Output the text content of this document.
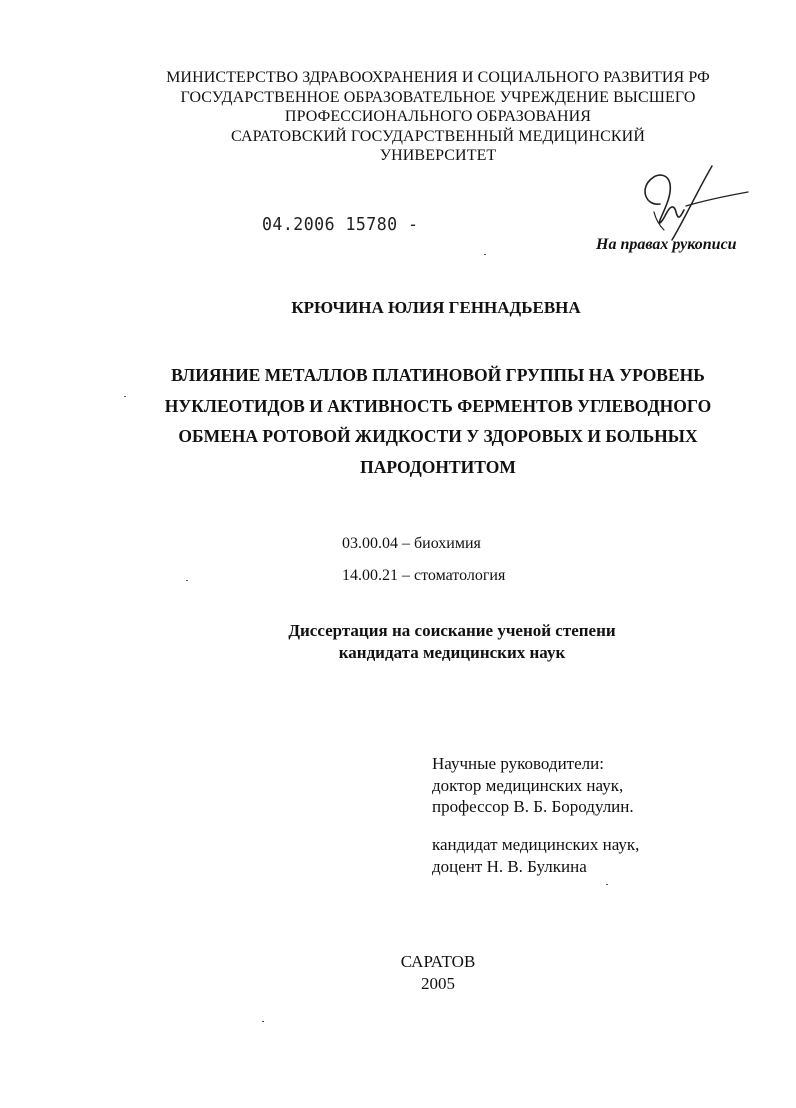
МИНИСТЕРСТВО ЗДРАВООХРАНЕНИЯ И СОЦИАЛЬНОГО РАЗВИТИЯ РФ
ГОСУДАРСТВЕННОЕ ОБРАЗОВАТЕЛЬНОЕ УЧРЕЖДЕНИЕ ВЫСШЕГО
ПРОФЕССИОНАЛЬНОГО ОБРАЗОВАНИЯ
САРАТОВСКИЙ ГОСУДАРСТВЕННЫЙ МЕДИЦИНСКИЙ
УНИВЕРСИТЕТ
04.2006 15780 -
На правах рукописи
КРЮЧИНА ЮЛИЯ ГЕННАДЬЕВНА
ВЛИЯНИЕ МЕТАЛЛОВ ПЛАТИНОВОЙ ГРУППЫ НА УРОВЕНЬ
НУКЛЕОТИДОВ И АКТИВНОСТЬ ФЕРМЕНТОВ УГЛЕВОДНОГО
ОБМЕНА РОТОВОЙ ЖИДКОСТИ У ЗДОРОВЫХ И БОЛЬНЫХ
ПАРОДОНТИТОМ
03.00.04 – биохимия
14.00.21 – стоматология
Диссертация на соискание ученой степени
кандидата медицинских наук
Научные руководители:
доктор медицинских наук,
профессор В. Б. Бородулин.
кандидат медицинских наук,
доцент Н. В. Булкина
САРАТОВ
2005
